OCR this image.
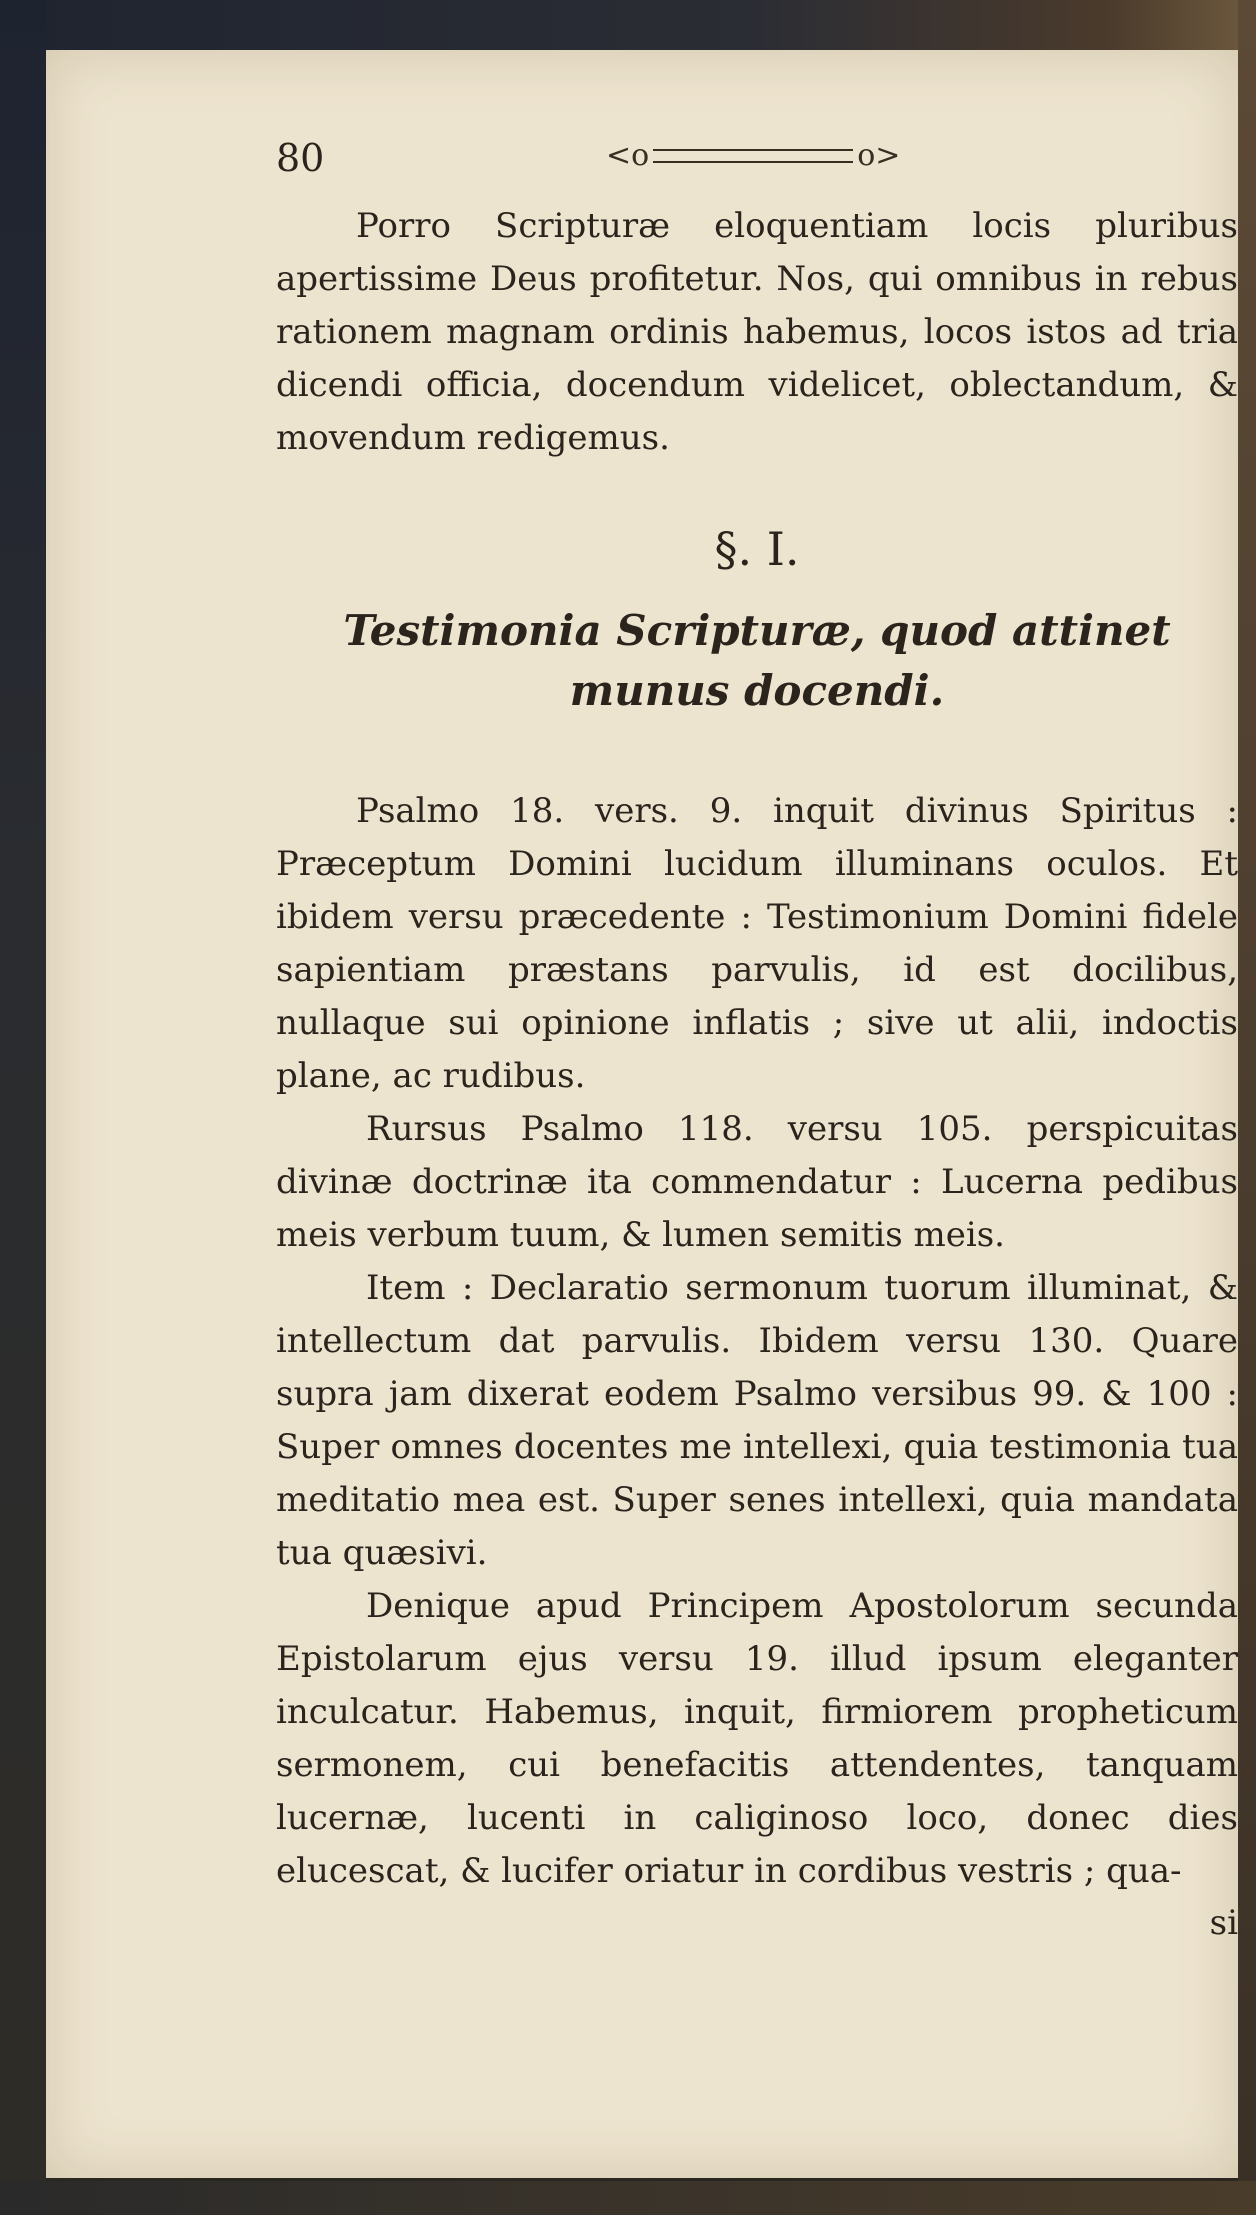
80	<o	o>

Porro Scripturæ eloquentiam locis pluribus apertissime Deus profitetur. Nos, qui omnibus in rebus rationem magnam ordinis habemus, locos istos ad tria dicendi officia, docendum videlicet, oblectandum, & movendum redigemus.

§. I.
Testimonia Scripturæ, quod attinet munus docendi.

Psalmo 18. vers. 9. inquit divinus Spiritus : Præceptum Domini lucidum illuminans oculos. Et ibidem versu præcedente : Testimonium Domini fidele sapientiam præstans parvulis, id est docilibus, nullaque sui opinione inflatis ; sive ut alii, indoctis plane, ac rudibus.

Rursus Psalmo 118. versu 105. perspicuitas divinæ doctrinæ ita commendatur : Lucerna pedibus meis verbum tuum, & lumen semitis meis.

Item : Declaratio sermonum tuorum illuminat, & intellectum dat parvulis. Ibidem versu 130. Quare supra jam dixerat eodem Psalmo versibus 99. & 100 : Super omnes docentes me intellexi, quia testimonia tua meditatio mea est. Super senes intellexi, quia mandata tua quæsivi.

Denique apud Principem Apostolorum secunda Epistolarum ejus versu 19. illud ipsum eleganter inculcatur. Habemus, inquit, firmiorem propheticum sermonem, cui benefacitis attendentes, tanquam lucernæ, lucenti in caliginoso loco, donec dies elucescat, & lucifer oriatur in cordibus vestris ; qua-

si
